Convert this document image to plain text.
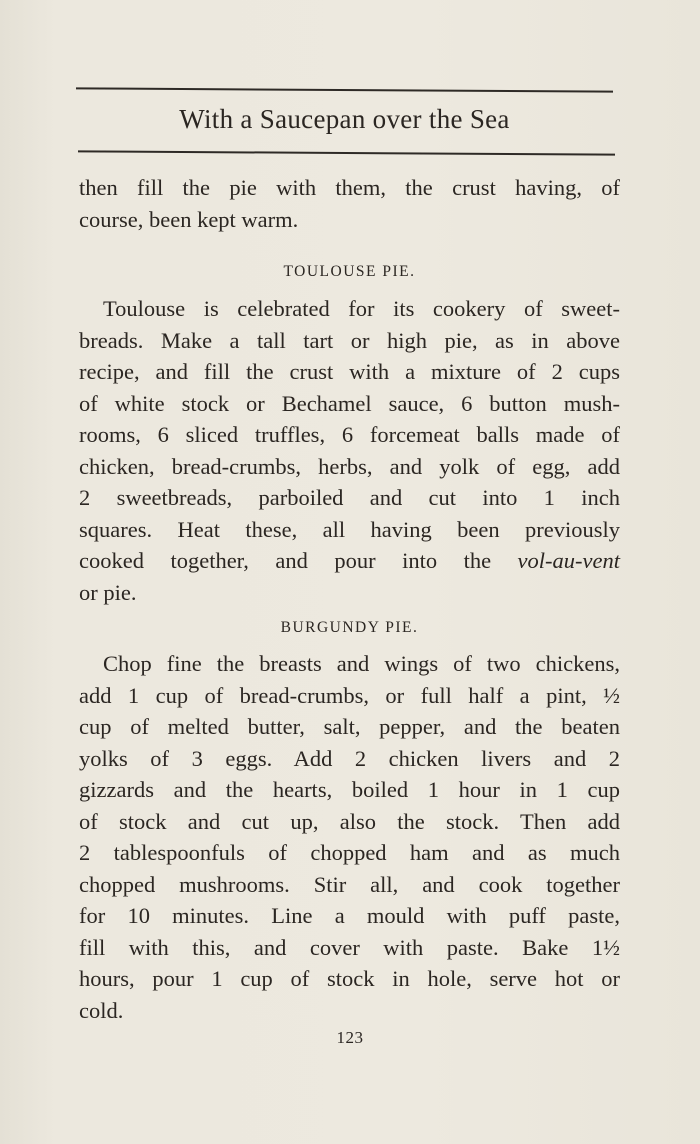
With a Saucepan over the Sea

then fill the pie with them, the crust having, of
course, been kept warm.

TOULOUSE PIE.

Toulouse is celebrated for its cookery of sweet-
breads. Make a tall tart or high pie, as in above
recipe, and fill the crust with a mixture of 2 cups
of white stock or Bechamel sauce, 6 button mush-
rooms, 6 sliced truffles, 6 forcemeat balls made of
chicken, bread-crumbs, herbs, and yolk of egg, add
2 sweetbreads, parboiled and cut into 1 inch
squares. Heat these, all having been previously
cooked together, and pour into the vol-au-vent
or pie.

BURGUNDY PIE.

Chop fine the breasts and wings of two chickens,
add 1 cup of bread-crumbs, or full half a pint, ½
cup of melted butter, salt, pepper, and the beaten
yolks of 3 eggs. Add 2 chicken livers and 2
gizzards and the hearts, boiled 1 hour in 1 cup
of stock and cut up, also the stock. Then add
2 tablespoonfuls of chopped ham and as much
chopped mushrooms. Stir all, and cook together
for 10 minutes. Line a mould with puff paste,
fill with this, and cover with paste. Bake 1½
hours, pour 1 cup of stock in hole, serve hot or
cold.

123
